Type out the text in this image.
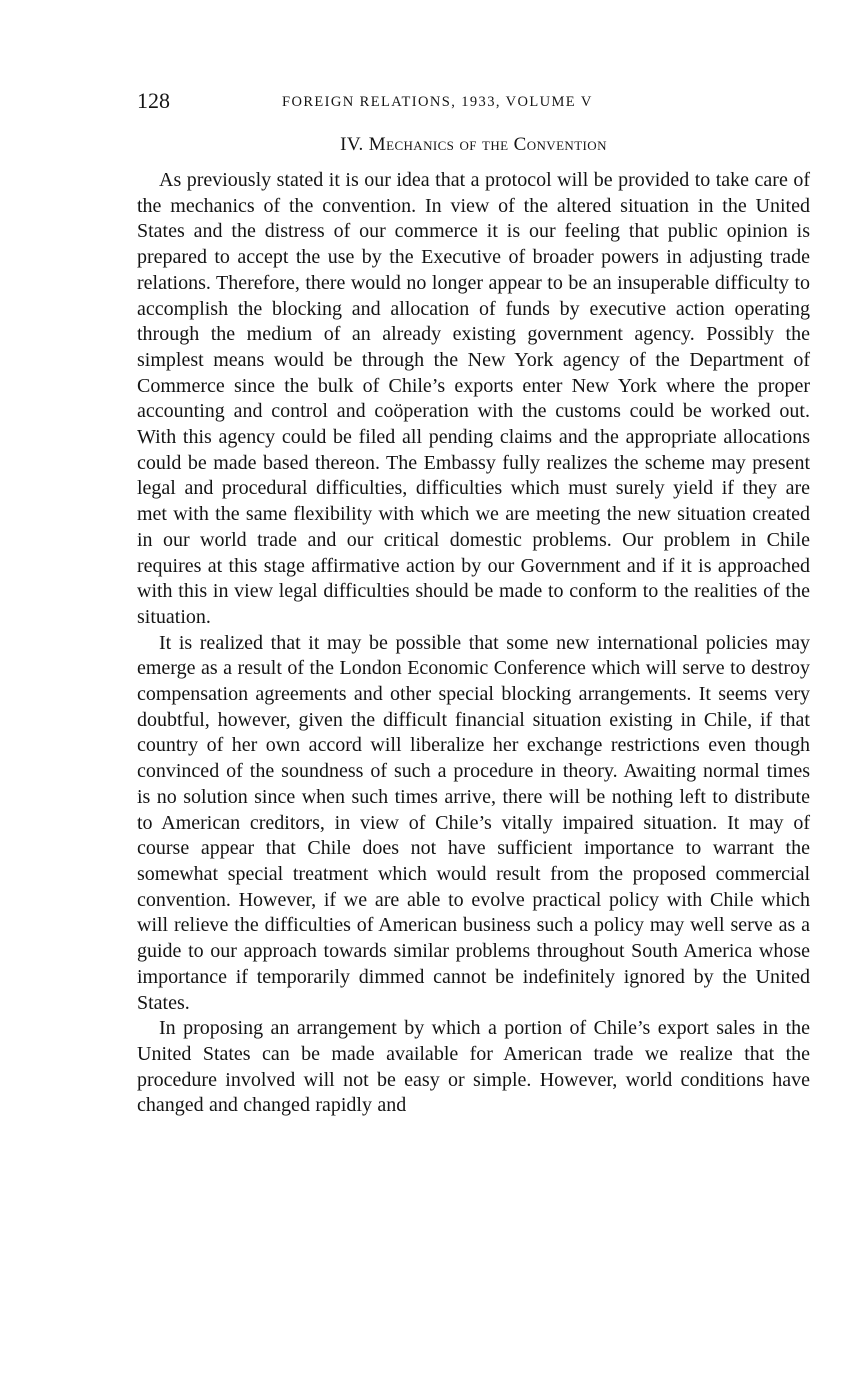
128	FOREIGN RELATIONS, 1933, VOLUME V
IV. Mechanics of the Convention

As previously stated it is our idea that a protocol will be provided to take care of the mechanics of the convention. In view of the altered situation in the United States and the distress of our commerce it is our feeling that public opinion is prepared to accept the use by the Executive of broader powers in adjusting trade relations. Therefore, there would no longer appear to be an insuperable difficulty to accomplish the blocking and allocation of funds by executive action operating through the medium of an already existing government agency. Possibly the simplest means would be through the New York agency of the Department of Commerce since the bulk of Chile’s exports enter New York where the proper accounting and control and coöperation with the customs could be worked out. With this agency could be filed all pending claims and the appropriate allocations could be made based thereon. The Embassy fully realizes the scheme may present legal and procedural difficulties, difficulties which must surely yield if they are met with the same flexibility with which we are meeting the new situation created in our world trade and our critical domestic problems. Our problem in Chile requires at this stage affirmative action by our Government and if it is approached with this in view legal difficulties should be made to conform to the realities of the situation.

It is realized that it may be possible that some new international policies may emerge as a result of the London Economic Conference which will serve to destroy compensation agreements and other special blocking arrangements. It seems very doubtful, however, given the difficult financial situation existing in Chile, if that country of her own accord will liberalize her exchange restrictions even though convinced of the soundness of such a procedure in theory. Awaiting normal times is no solution since when such times arrive, there will be nothing left to distribute to American creditors, in view of Chile’s vitally impaired situation. It may of course appear that Chile does not have sufficient importance to warrant the somewhat special treatment which would result from the proposed commercial convention. However, if we are able to evolve practical policy with Chile which will relieve the difficulties of American business such a policy may well serve as a guide to our approach towards similar problems throughout South America whose importance if temporarily dimmed cannot be indefinitely ignored by the United States.

In proposing an arrangement by which a portion of Chile’s export sales in the United States can be made available for American trade we realize that the procedure involved will not be easy or simple. However, world conditions have changed and changed rapidly and
